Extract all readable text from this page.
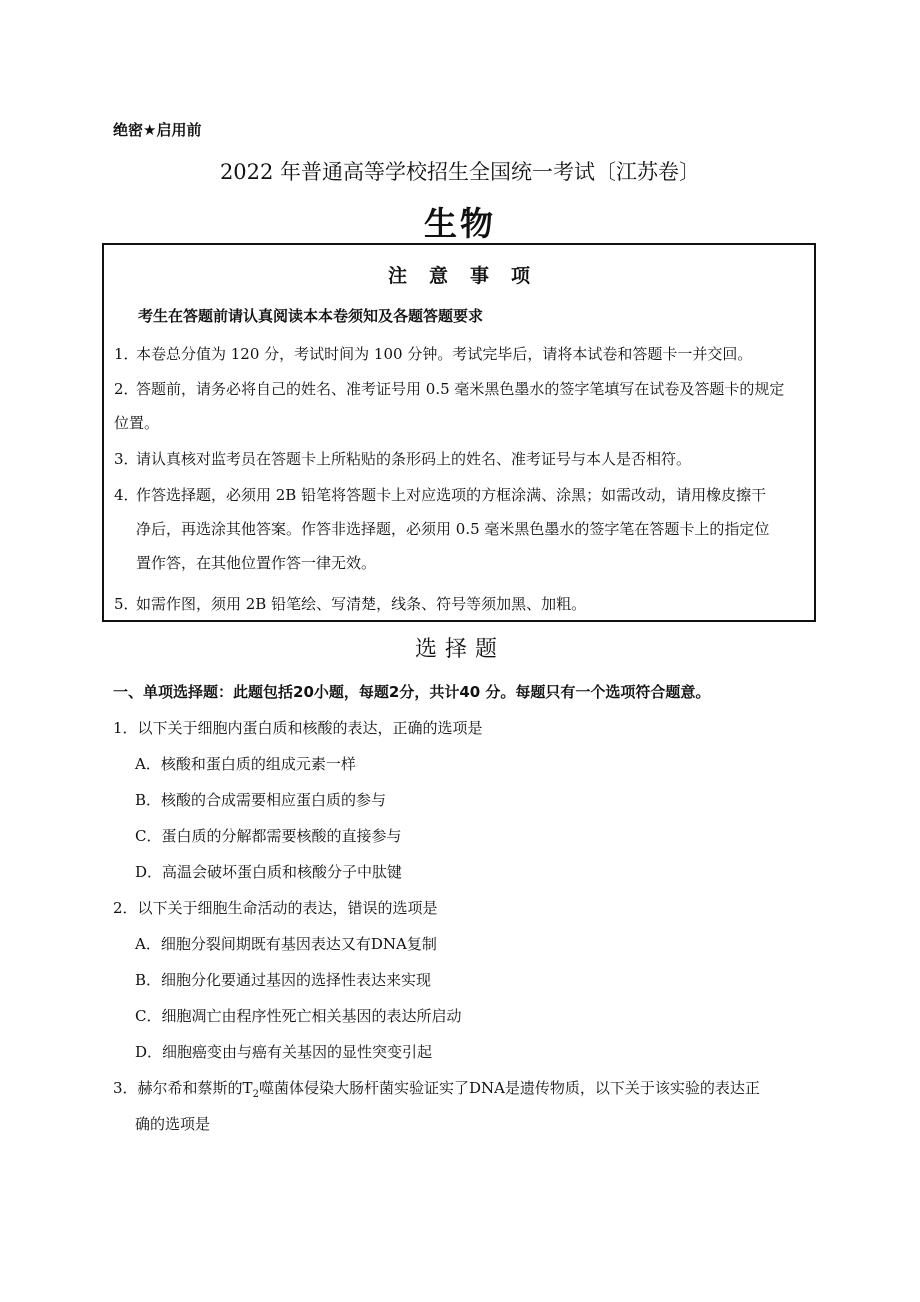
绝密★启用前
2022 年普通高等学校招生全国统一考试〔江苏卷〕
生物
注 意 事 项
考生在答题前请认真阅读本本卷须知及各题答题要求
1．本卷总分值为 120 分，考试时间为 100 分钟。考试完毕后，请将本试卷和答题卡一并交回。
2．答题前，请务必将自己的姓名、准考证号用 0.5 毫米黑色墨水的签字笔填写在试卷及答题卡的规定
位置。
3．请认真核对监考员在答题卡上所粘贴的条形码上的姓名、准考证号与本人是否相符。
4．作答选择题，必须用 2B 铅笔将答题卡上对应选项的方框涂满、涂黑；如需改动，请用橡皮擦干
净后，再选涂其他答案。作答非选择题，必须用 0.5 毫米黑色墨水的签字笔在答题卡上的指定位
置作答，在其他位置作答一律无效。
5．如需作图，须用 2B 铅笔绘、写清楚，线条、符号等须加黑、加粗。
选择题
一、单项选择题：此题包括20小题，每题2分，共计40 分。每题只有一个选项符合题意。
1．以下关于细胞内蛋白质和核酸的表达，正确的选项是
A．核酸和蛋白质的组成元素一样
B．核酸的合成需要相应蛋白质的参与
C．蛋白质的分解都需要核酸的直接参与
D．高温会破坏蛋白质和核酸分子中肽键
2．以下关于细胞生命活动的表达，错误的选项是
A．细胞分裂间期既有基因表达又有DNA复制
B．细胞分化要通过基因的选择性表达来实现
C．细胞凋亡由程序性死亡相关基因的表达所启动
D．细胞癌变由与癌有关基因的显性突变引起
3．赫尔希和蔡斯的$T_2$噬菌体侵染大肠杆菌实验证实了DNA是遗传物质，以下关于该实验的表达正
确的选项是
